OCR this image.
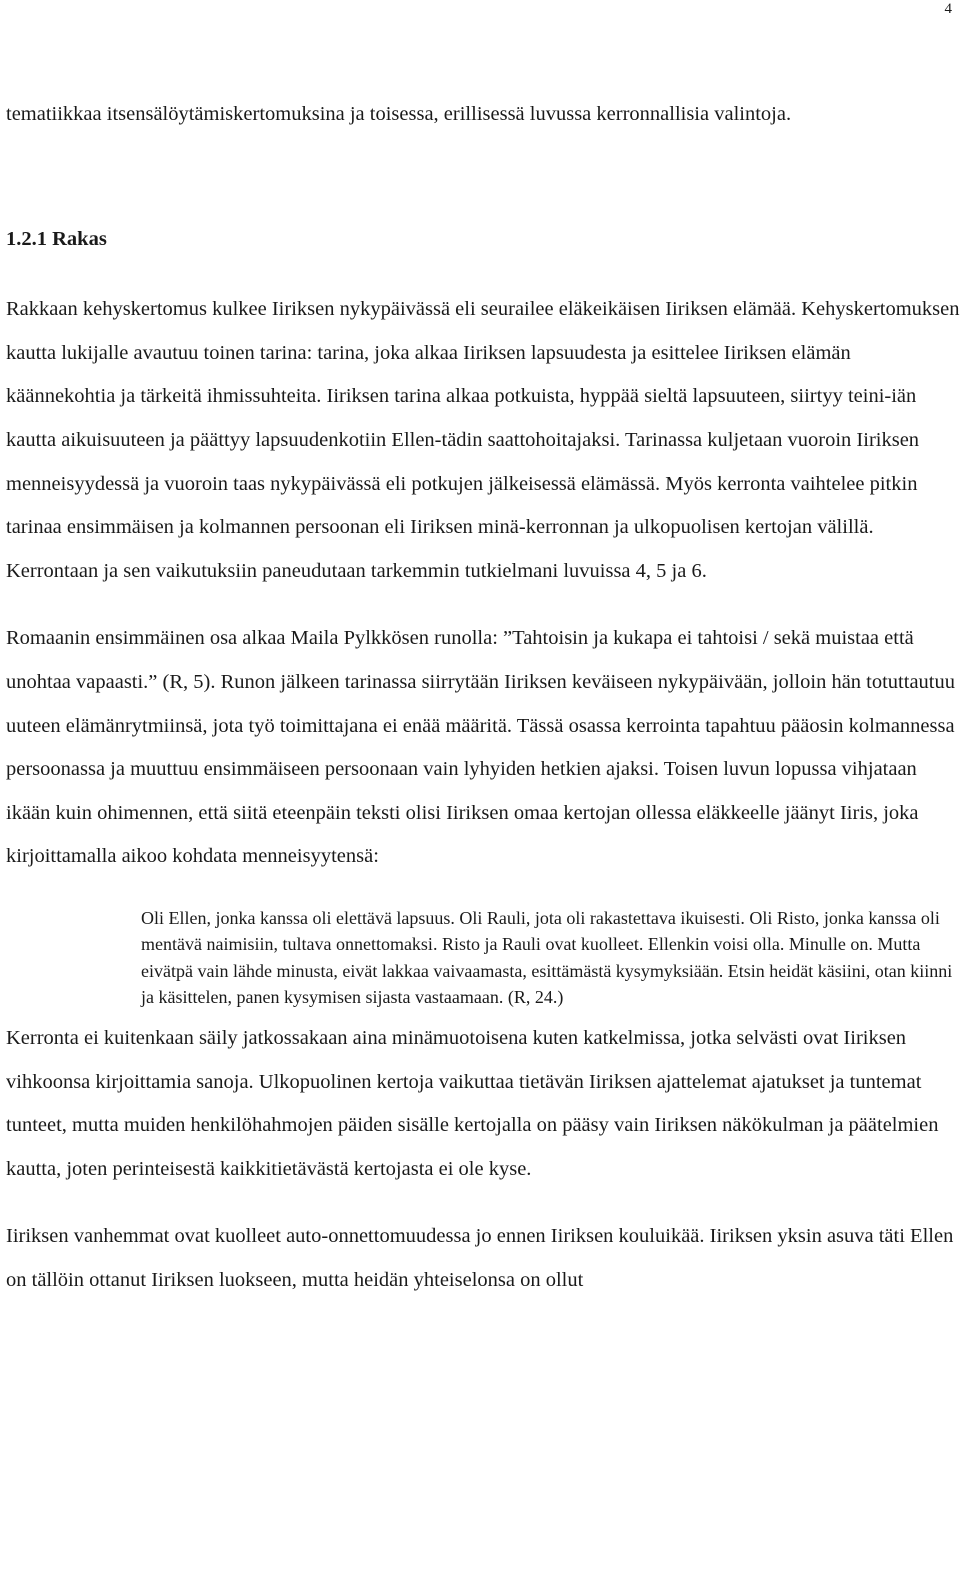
4

tematiikkaa itsensälöytämiskertomuksina ja toisessa, erillisessä luvussa kerronnallisia valintoja.

1.2.1 Rakas

Rakkaan kehyskertomus kulkee Iiriksen nykypäivässä eli seurailee eläkeikäisen Iiriksen elämää. Kehyskertomuksen kautta lukijalle avautuu toinen tarina: tarina, joka alkaa Iiriksen lapsuudesta ja esittelee Iiriksen elämän käännekohtia ja tärkeitä ihmissuhteita. Iiriksen tarina alkaa potkuista, hyppää sieltä lapsuuteen, siirtyy teini-iän kautta aikuisuuteen ja päättyy lapsuudenkotiin Ellen-tädin saattohoitajaksi. Tarinassa kuljetaan vuoroin Iiriksen menneisyydessä ja vuoroin taas nykypäivässä eli potkujen jälkeisessä elämässä. Myös kerronta vaihtelee pitkin tarinaa ensimmäisen ja kolmannen persoonan eli Iiriksen minä-kerronnan ja ulkopuolisen kertojan välillä. Kerrontaan ja sen vaikutuksiin paneudutaan tarkemmin tutkielmani luvuissa 4, 5 ja 6.

Romaanin ensimmäinen osa alkaa Maila Pylkkösen runolla: ”Tahtoisin ja kukapa ei tahtoisi / sekä muistaa että unohtaa vapaasti.” (R, 5). Runon jälkeen tarinassa siirrytään Iiriksen keväiseen nykypäivään, jolloin hän totuttautuu uuteen elämänrytmiinsä, jota työ toimittajana ei enää määritä. Tässä osassa kerrointa tapahtuu pääosin kolmannessa persoonassa ja muuttuu ensimmäiseen persoonaan vain lyhyiden hetkien ajaksi. Toisen luvun lopussa vihjataan ikään kuin ohimennen, että siitä eteenpäin teksti olisi Iiriksen omaa kertojan ollessa eläkkeelle jäänyt Iiris, joka kirjoittamalla aikoo kohdata menneisyytensä:

Oli Ellen, jonka kanssa oli elettävä lapsuus. Oli Rauli, jota oli rakastettava ikuisesti. Oli Risto, jonka kanssa oli mentävä naimisiin, tultava onnettomaksi. Risto ja Rauli ovat kuolleet. Ellenkin voisi olla. Minulle on. Mutta eivätpä vain lähde minusta, eivät lakkaa vaivaamasta, esittämästä kysymyksiään. Etsin heidät käsiini, otan kiinni ja käsittelen, panen kysymisen sijasta vastaamaan. (R, 24.)

Kerronta ei kuitenkaan säily jatkossakaan aina minämuotoisena kuten katkelmissa, jotka selvästi ovat Iiriksen vihkoonsa kirjoittamia sanoja. Ulkopuolinen kertoja vaikuttaa tietävän Iiriksen ajattelemat ajatukset ja tuntemat tunteet, mutta muiden henkilöhahmojen päiden sisälle kertojalla on pääsy vain Iiriksen näkökulman ja päätelmien kautta, joten perinteisestä kaikkitietävästä kertojasta ei ole kyse.

Iiriksen vanhemmat ovat kuolleet auto-onnettomuudessa jo ennen Iiriksen kouluikää. Iiriksen yksin asuva täti Ellen on tällöin ottanut Iiriksen luokseen, mutta heidän yhteiselonsa on ollut
